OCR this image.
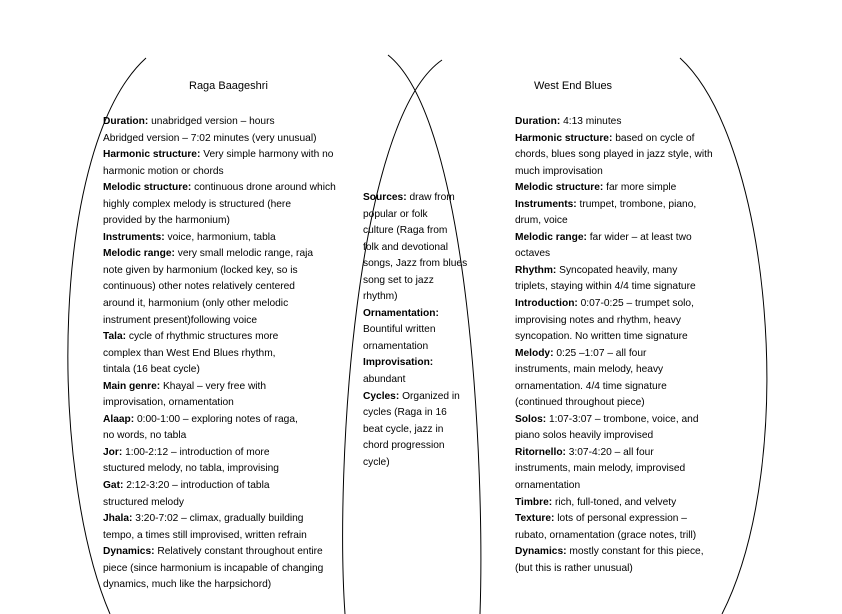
Raga Baageshri	West End Blues

Duration: unabridged version – hours

Abridged version – 7:02 minutes (very unusual)

Harmonic structure: Very simple harmony with no

harmonic motion or chords

Melodic structure: continuous drone around which

highly complex melody is structured (here

provided by the harmonium)

Instruments: voice, harmonium, tabla

Melodic range: very small melodic range, raja

note given by harmonium (locked key, so is

continuous) other notes relatively centered

around it, harmonium (only other melodic

instrument present)following voice

Tala: cycle of rhythmic structures more

complex than West End Blues rhythm,

tintala (16 beat cycle)

Main genre: Khayal – very free with

improvisation, ornamentation

Alaap: 0:00-1:00 – exploring notes of raga,

no words, no tabla

Jor: 1:00-2:12 – introduction of more

stuctured melody, no tabla, improvising

Gat: 2:12-3:20 – introduction of tabla

structured melody

Jhala: 3:20-7:02 – climax, gradually building

tempo, a times still improvised, written refrain

Dynamics: Relatively constant throughout entire

piece (since harmonium is incapable of changing

dynamics, much like the harpsichord)

Sources: draw from

popular or folk

culture (Raga from

folk and devotional

songs, Jazz from blues

song set to jazz

rhythm)

Ornamentation:

Bountiful written

ornamentation

Improvisation:

abundant

Cycles: Organized in

cycles (Raga in 16

beat cycle, jazz in

chord progression

cycle)

Duration: 4:13 minutes

Harmonic structure: based on cycle of

chords, blues song played in jazz style, with

much improvisation

Melodic structure: far more simple

Instruments: trumpet, trombone, piano,

drum, voice

Melodic range: far wider – at least two

octaves

Rhythm: Syncopated heavily, many

triplets, staying within 4/4 time signature

Introduction: 0:07-0:25 – trumpet solo,

improvising notes and rhythm, heavy

syncopation. No written time signature

Melody: 0:25 –1:07 – all four

instruments, main melody, heavy

ornamentation. 4/4 time signature

(continued throughout piece)

Solos: 1:07-3:07 – trombone, voice, and

piano solos heavily improvised

Ritornello: 3:07-4:20 – all four

instruments, main melody, improvised

ornamentation

Timbre: rich, full-toned, and velvety

Texture: lots of personal expression –

rubato, ornamentation (grace notes, trill)

Dynamics: mostly constant for this piece,

(but this is rather unusual)
